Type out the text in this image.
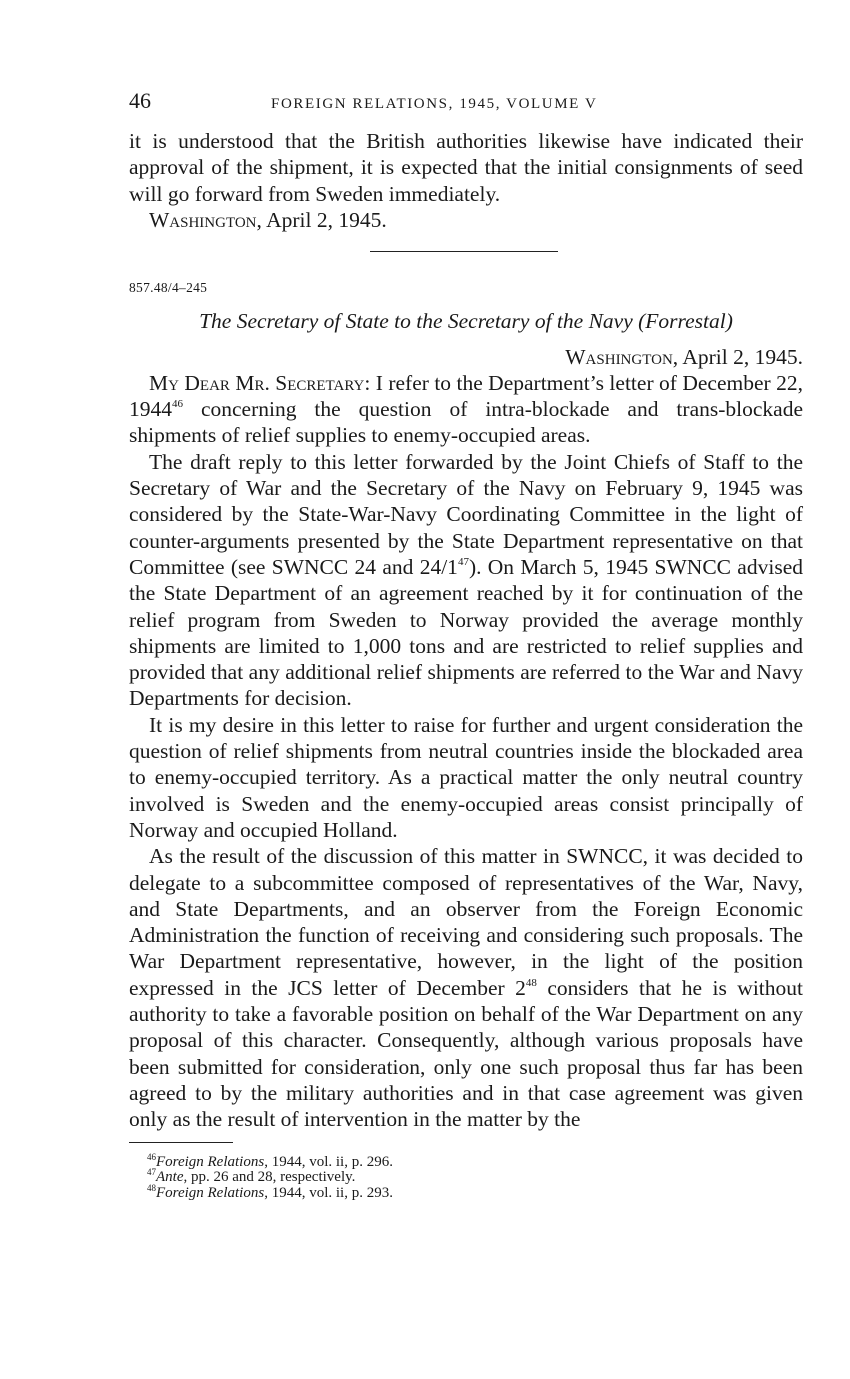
46	FOREIGN RELATIONS, 1945, VOLUME V

it is understood that the British authorities likewise have indicated their approval of the shipment, it is expected that the initial consignments of seed will go forward from Sweden immediately.

Washington, April 2, 1945.
857.48/4–245
The Secretary of State to the Secretary of the Navy (Forrestal)
Washington, April 2, 1945.

My Dear Mr. Secretary: I refer to the Department’s letter of December 22, 1944$^{46}$ concerning the question of intra-blockade and trans-blockade shipments of relief supplies to enemy-occupied areas.

The draft reply to this letter forwarded by the Joint Chiefs of Staff to the Secretary of War and the Secretary of the Navy on February 9, 1945 was considered by the State-War-Navy Coordinating Committee in the light of counter-arguments presented by the State Department representative on that Committee (see SWNCC 24 and $24/1^{47}$). On March 5, 1945 SWNCC advised the State Department of an agreement reached by it for continuation of the relief program from Sweden to Norway provided the average monthly shipments are limited to 1,000 tons and are restricted to relief supplies and provided that any additional relief shipments are referred to the War and Navy Departments for decision.

It is my desire in this letter to raise for further and urgent consideration the question of relief shipments from neutral countries inside the blockaded area to enemy-occupied territory. As a practical matter the only neutral country involved is Sweden and the enemy-occupied areas consist principally of Norway and occupied Holland.

As the result of the discussion of this matter in SWNCC, it was decided to delegate to a subcommittee composed of representatives of the War, Navy, and State Departments, and an observer from the Foreign Economic Administration the function of receiving and considering such proposals. The War Department representative, however, in the light of the position expressed in the JCS letter of December $2^{48}$ considers that he is without authority to take a favorable position on behalf of the War Department on any proposal of this character. Consequently, although various proposals have been submitted for consideration, only one such proposal thus far has been agreed to by the military authorities and in that case agreement was given only as the result of intervention in the matter by the

$^{46}$Foreign Relations, 1944, vol. ii, p. 296.
$^{47}$Ante, pp. 26 and 28, respectively.
$^{48}$Foreign Relations, 1944, vol. ii, p. 293.
